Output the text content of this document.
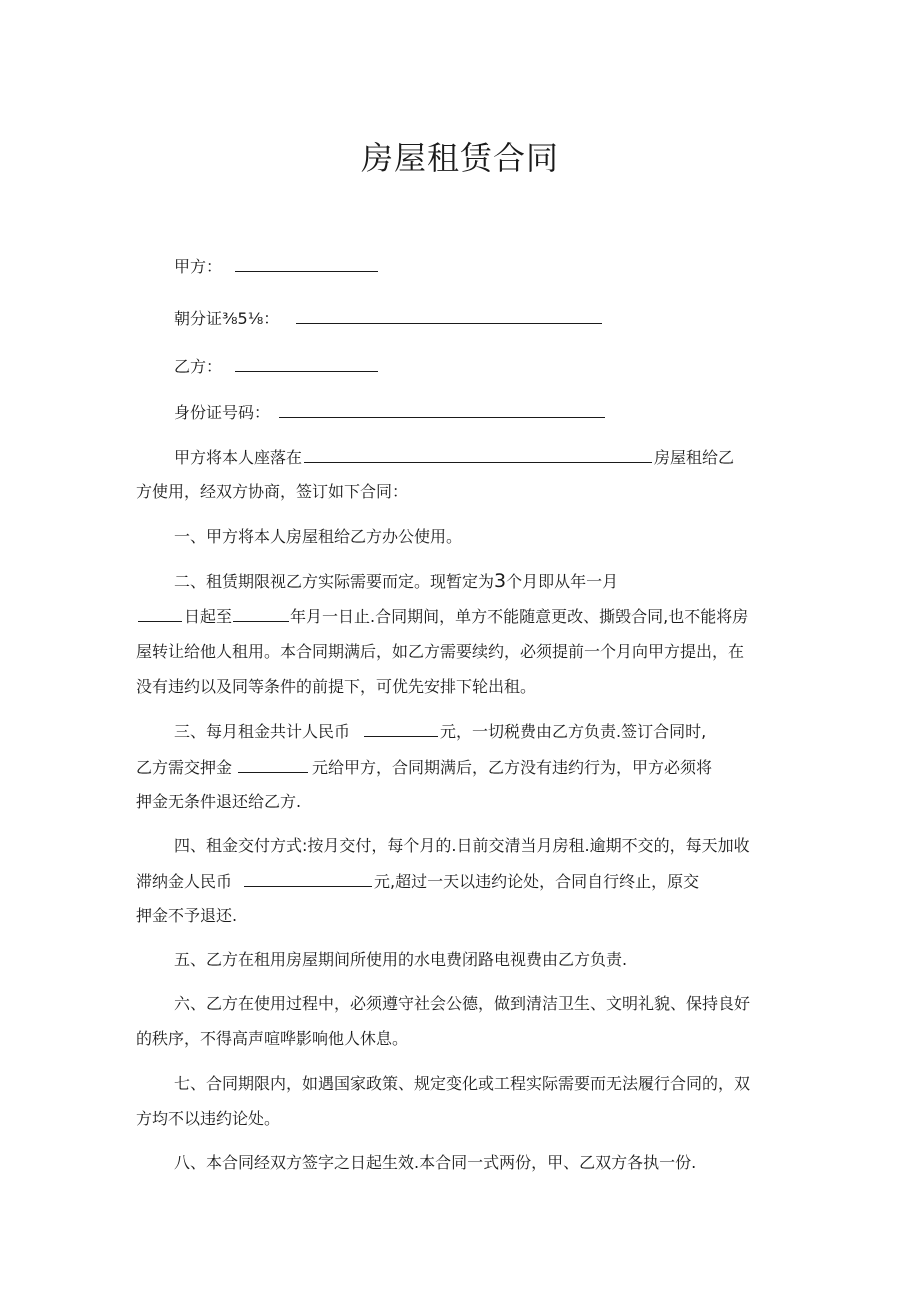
房屋租赁合同
甲方：
朝分证⅜5⅛：
乙方：
身份证号码：
甲方将本人座落在	房屋租给乙
方使用，经双方协商，签订如下合同：
一、甲方将本人房屋租给乙方办公使用。
二、租赁期限视乙方实际需要而定。现暂定为3个月即从年一月
日起至	年月一日止.合同期间，单方不能随意更改、撕毁合同,也不能将房
屋转让给他人租用。本合同期满后，如乙方需要续约，必须提前一个月向甲方提出，在
没有违约以及同等条件的前提下，可优先安排下轮出租。
三、每月租金共计人民币	元，一切税费由乙方负责.签订合同时,
乙方需交押金	元给甲方，合同期满后，乙方没有违约行为，甲方必须将
押金无条件退还给乙方.
四、租金交付方式:按月交付，每个月的.日前交清当月房租.逾期不交的，每天加收
滞纳金人民币	元,超过一天以违约论处，合同自行终止，原交
押金不予退还.
五、乙方在租用房屋期间所使用的水电费闭路电视费由乙方负责.
六、乙方在使用过程中，必须遵守社会公德，做到清洁卫生、文明礼貌、保持良好
的秩序，不得高声喧哗影响他人休息。
七、合同期限内，如遇国家政策、规定变化或工程实际需要而无法履行合同的，双
方均不以违约论处。
八、本合同经双方签字之日起生效.本合同一式两份，甲、乙双方各执一份.
